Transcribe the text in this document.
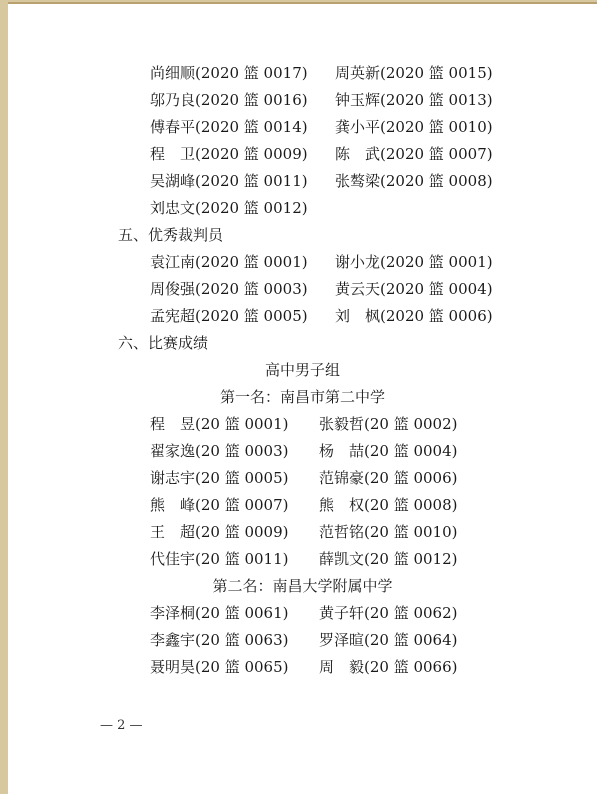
尚细顺(2020 篮 0017) 周英新(2020 篮 0015)
邬乃良(2020 篮 0016) 钟玉辉(2020 篮 0013)
傅春平(2020 篮 0014) 龚小平(2020 篮 0010)
程　卫(2020 篮 0009) 陈　武(2020 篮 0007)
吴湖峰(2020 篮 0011) 张骜梁(2020 篮 0008)
刘忠文(2020 篮 0012)
五、优秀裁判员
袁江南(2020 篮 0001) 谢小龙(2020 篮 0001)
周俊强(2020 篮 0003) 黄云天(2020 篮 0004)
孟宪超(2020 篮 0005) 刘　枫(2020 篮 0006)
六、比赛成绩
高中男子组
第一名：南昌市第二中学
程　昱(20 篮 0001) 张毅哲(20 篮 0002)
翟家逸(20 篮 0003) 杨　喆(20 篮 0004)
谢志宇(20 篮 0005) 范锦豪(20 篮 0006)
熊　峰(20 篮 0007) 熊　权(20 篮 0008)
王　超(20 篮 0009) 范哲铭(20 篮 0010)
代佳宇(20 篮 0011) 薛凯文(20 篮 0012)
第二名：南昌大学附属中学
李泽桐(20 篮 0061) 黄子轩(20 篮 0062)
李鑫宇(20 篮 0063) 罗泽暄(20 篮 0064)
聂明昊(20 篮 0065) 周　毅(20 篮 0066)
— 2 —
